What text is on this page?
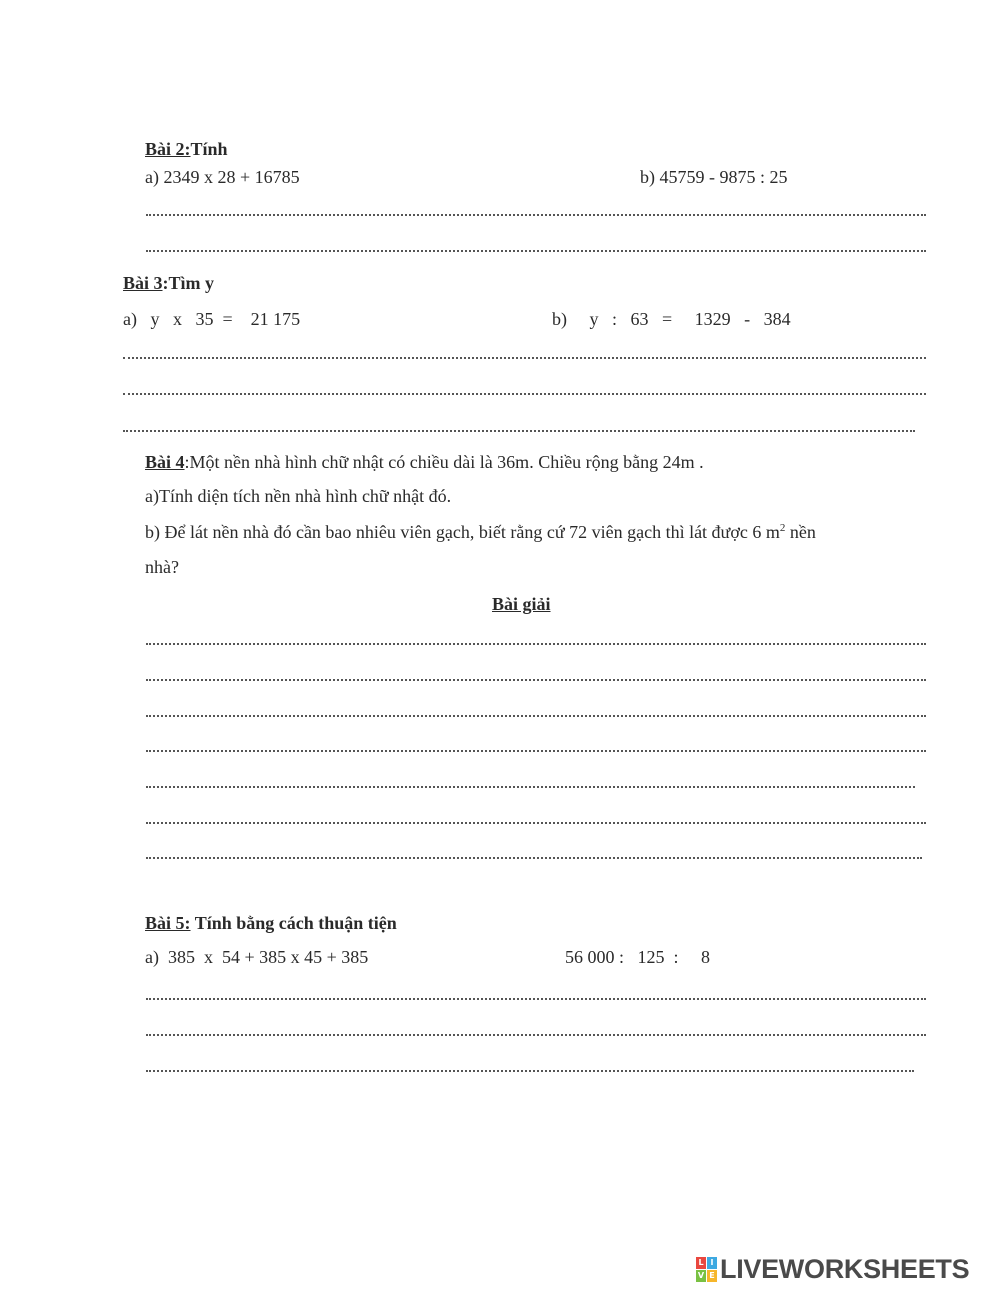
Bài 2:Tính
a) 2349 x 28 + 16785	b) 45759 - 9875 : 25
Bài 3:Tìm y
a)   y   x   35  =    21 175	b)     y   :   63   =     1329   -   384
Bài 4:Một nền nhà hình chữ nhật có chiều dài là 36m. Chiều rộng bằng 24m .
a)Tính diện tích nền nhà hình chữ nhật đó.
b) Để lát nền nhà đó cần bao nhiêu viên gạch, biết rằng cứ 72 viên gạch thì lát được 6 $m^2$ nền
nhà?
Bài giải
Bài 5: Tính bằng cách thuận tiện
a)  385  x  54 + 385 x 45 + 385	56 000 :   125  :     8
L I
V E LIVEWORKSHEETS
